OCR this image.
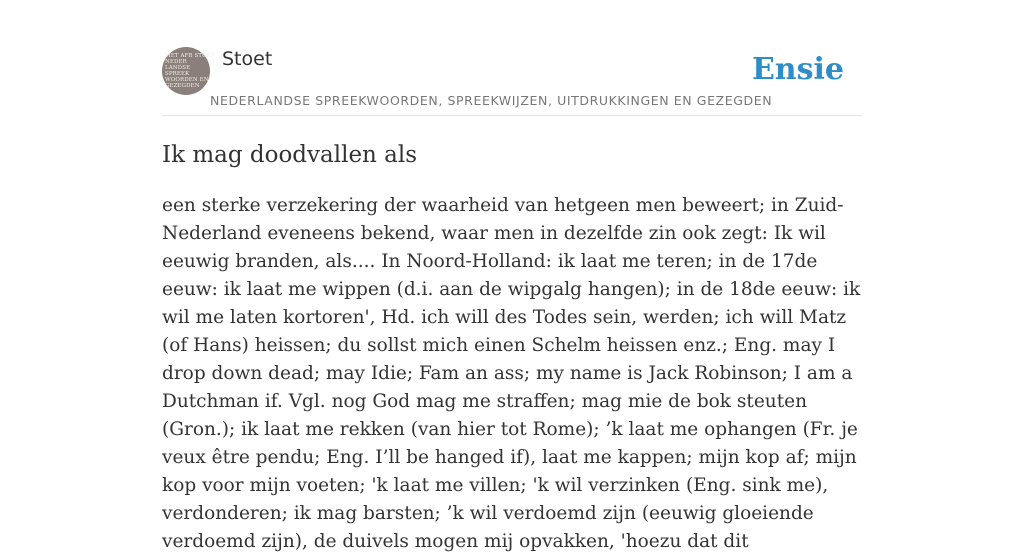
MET AFB STOET
NEDER
LANDSE
SPREEK
WOORDEN EN
GEZEGDEN
Stoet
NEDERLANDSE SPREEKWOORDEN, SPREEKWIJZEN, UITDRUKKINGEN EN GEZEGDEN
Ensie
Ik mag doodvallen als

een sterke verzekering der waarheid van hetgeen men beweert; in Zuid-Nederland eveneens bekend, waar men in dezelfde zin ook zegt: Ik wil eeuwig branden, als.... In Noord-Holland: ik laat me teren; in de 17de eeuw: ik laat me wippen (d.i. aan de wipgalg hangen); in de 18de eeuw: ik wil me laten kortoren', Hd. ich will des Todes sein, werden; ich will Matz (of Hans) heissen; du sollst mich einen Schelm heissen enz.; Eng. may I drop down dead; may Idie; Fam an ass; my name is Jack Robinson; I am a Dutchman if. Vgl. nog God mag me straffen; mag mie de bok steuten (Gron.); ik laat me rekken (van hier tot Rome); ’k laat me ophangen (Fr. je veux être pendu; Eng. I’ll be hanged if), laat me kappen; mijn kop af; mijn kop voor mijn voeten; 'k laat me villen; 'k wil verzinken (Eng. sink me), verdonderen; ik mag barsten; ’k wil verdoemd zijn (eeuwig gloeiende verdoemd zijn), de duivels mogen mij opvakken, 'hoezu dat dit
